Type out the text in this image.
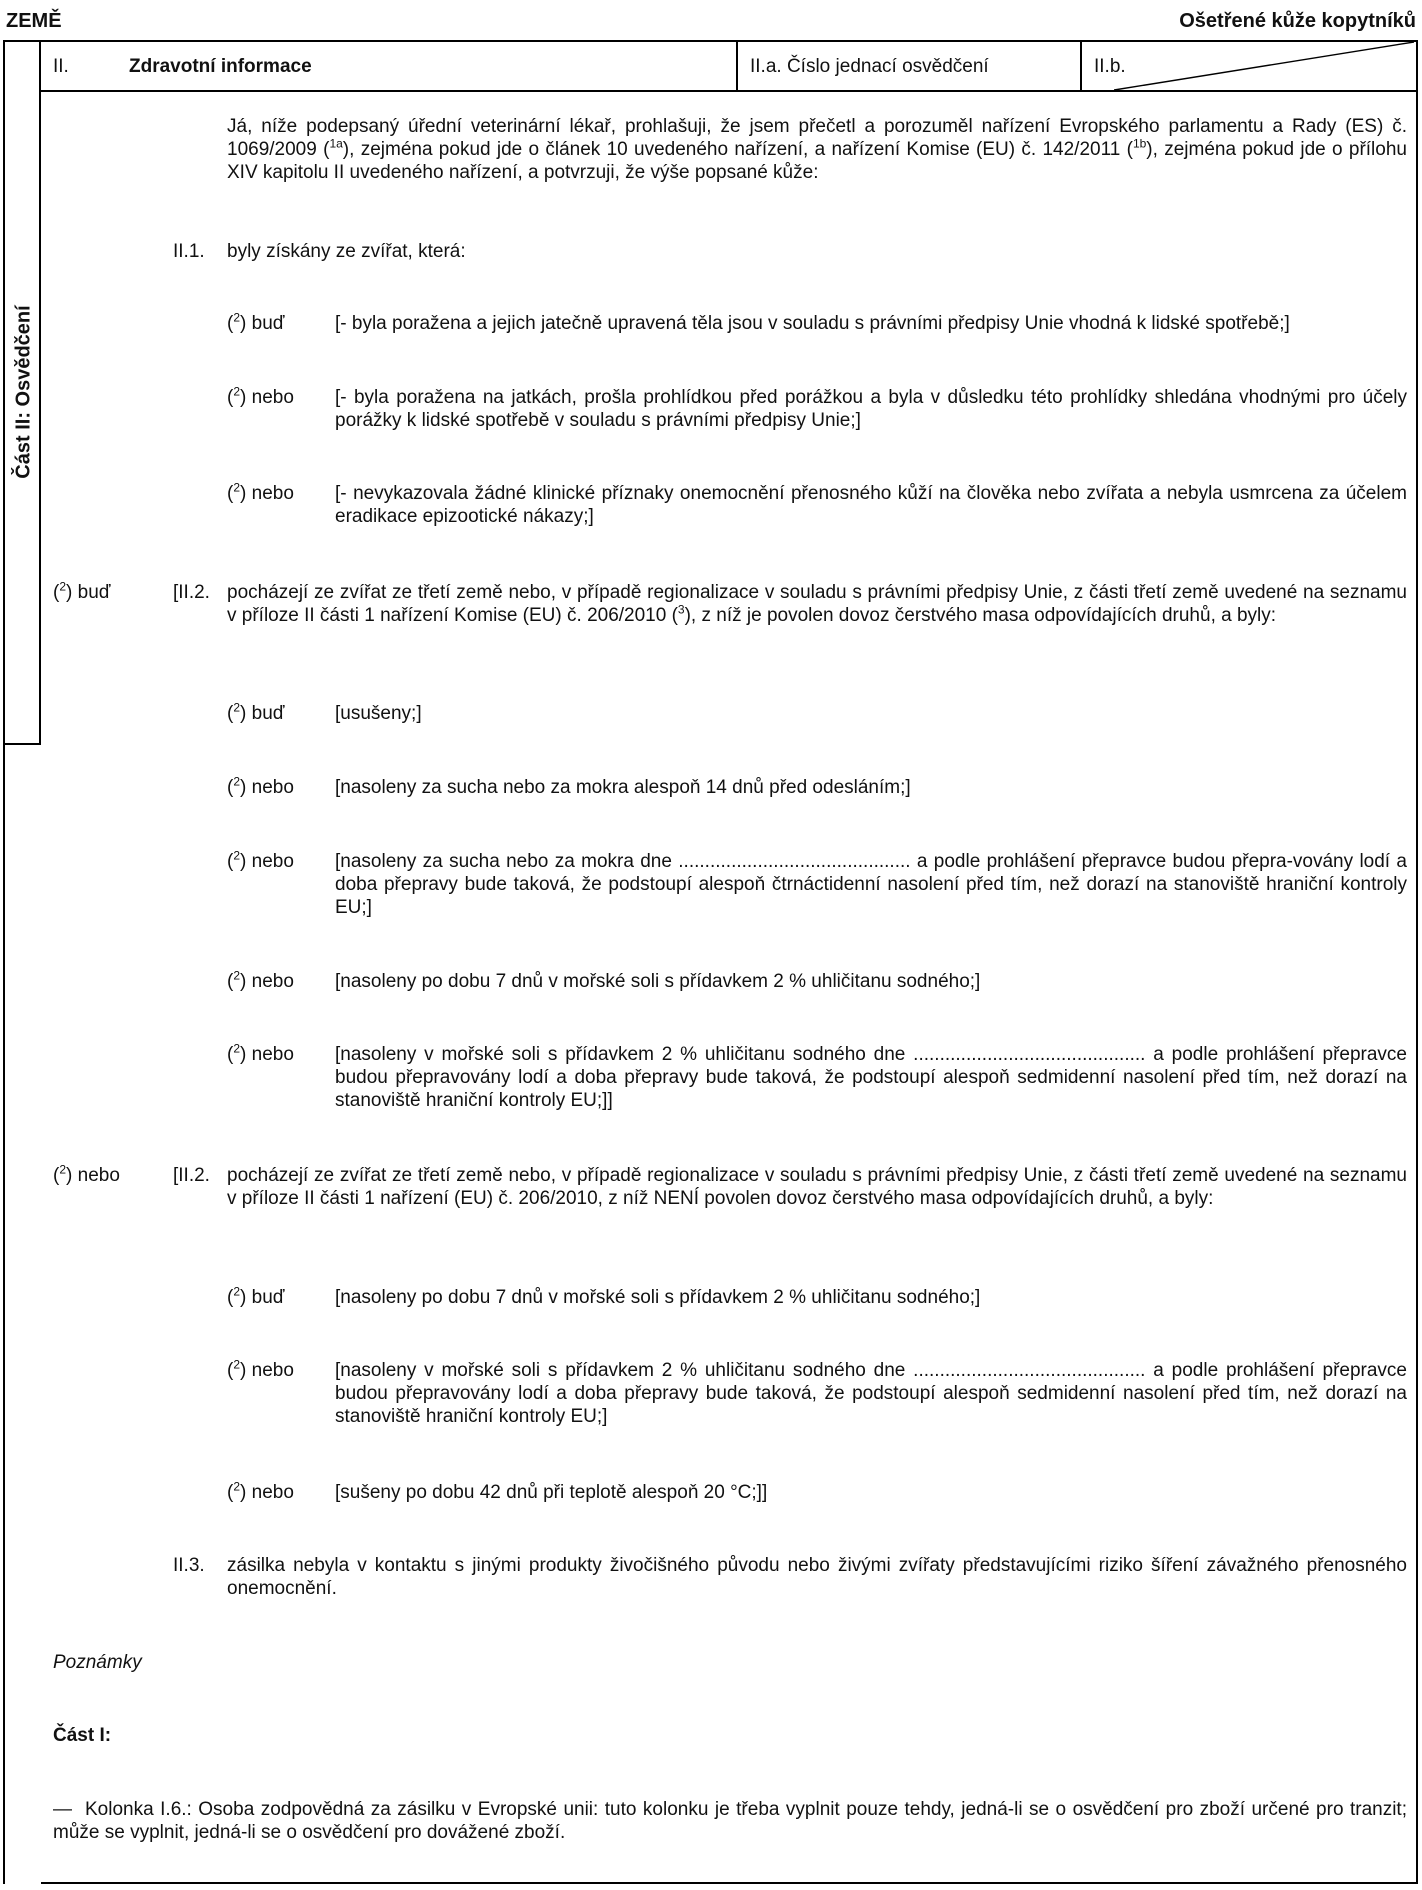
ZEMĚ	Ošetřené kůže kopytníků
Část II: Osvědčení
II.	Zdravotní informace	II.a. Číslo jednací osvědčení	II.b.

Já, níže podepsaný úřední veterinární lékař, prohlašuji, že jsem přečetl a porozuměl nařízení Evropského parlamentu a Rady (ES) č. 1069/2009 ($^{1a}$), zejména pokud jde o článek 10 uvedeného nařízení, a nařízení Komise (EU) č. 142/2011 ($^{1b}$), zejména pokud jde o přílohu XIV kapitolu II uvedeného nařízení, a potvrzuji, že výše popsané kůže:

II.1. byly získány ze zvířat, která:
($^2$) buď	[- byla poražena a jejich jatečně upravená těla jsou v souladu s právními předpisy Unie vhodná k lidské spotřebě;]

($^2$) nebo [- byla poražena na jatkách, prošla prohlídkou před porážkou a byla v důsledku této prohlídky shledána vhodnými pro účely porážky k lidské spotřebě v souladu s právními předpisy Unie;]

($^2$) nebo [- nevykazovala žádné klinické příznaky onemocnění přenosného kůží na člověka nebo zvířata a nebyla usmrcena za účelem eradikace epizootické nákazy;]

($^2$) buď	[II.2. pocházejí ze zvířat ze třetí země nebo, v případě regionalizace v souladu s právními předpisy Unie, z části třetí země uvedené na seznamu v příloze II části 1 nařízení Komise (EU) č. 206/2010 ($^3$), z níž je povolen dovoz čerstvého masa odpovídajících druhů, a byly:

($^2$) buď	[usušeny;]

($^2$) nebo [nasoleny za sucha nebo za mokra alespoň 14 dnů před odesláním;]

($^2$) nebo [nasoleny za sucha nebo za mokra dne ............................................ a podle prohlášení přepravce budou přepra-vovány lodí a doba přepravy bude taková, že podstoupí alespoň čtrnáctidenní nasolení před tím, než dorazí na stanoviště hraniční kontroly EU;]

($^2$) nebo [nasoleny po dobu 7 dnů v mořské soli s přídavkem 2 % uhličitanu sodného;]

($^2$) nebo [nasoleny v mořské soli s přídavkem 2 % uhličitanu sodného dne ............................................ a podle prohlášení přepravce budou přepravovány lodí a doba přepravy bude taková, že podstoupí alespoň sedmidenní nasolení před tím, než dorazí na stanoviště hraniční kontroly EU;]]

($^2$) nebo	[II.2. pocházejí ze zvířat ze třetí země nebo, v případě regionalizace v souladu s právními předpisy Unie, z části třetí země uvedené na seznamu v příloze II části 1 nařízení (EU) č. 206/2010, z níž NENÍ povolen dovoz čerstvého masa odpovídajících druhů, a byly:

($^2$) buď	[nasoleny po dobu 7 dnů v mořské soli s přídavkem 2 % uhličitanu sodného;]

($^2$) nebo [nasoleny v mořské soli s přídavkem 2 % uhličitanu sodného dne ............................................ a podle prohlášení přepravce budou přepravovány lodí a doba přepravy bude taková, že podstoupí alespoň sedmidenní nasolení před tím, než dorazí na stanoviště hraniční kontroly EU;]

($^2$) nebo [sušeny po dobu 42 dnů při teplotě alespoň 20 °C;]]

II.3. zásilka nebyla v kontaktu s jinými produkty živočišného původu nebo živými zvířaty představujícími riziko šíření závažného přenosného onemocnění.

Poznámky
Část I:
— Kolonka I.6.: Osoba zodpovědná za zásilku v Evropské unii: tuto kolonku je třeba vyplnit pouze tehdy, jedná-li se o osvědčení pro zboží určené pro tranzit; může se vyplnit, jedná-li se o osvědčení pro dovážené zboží.
